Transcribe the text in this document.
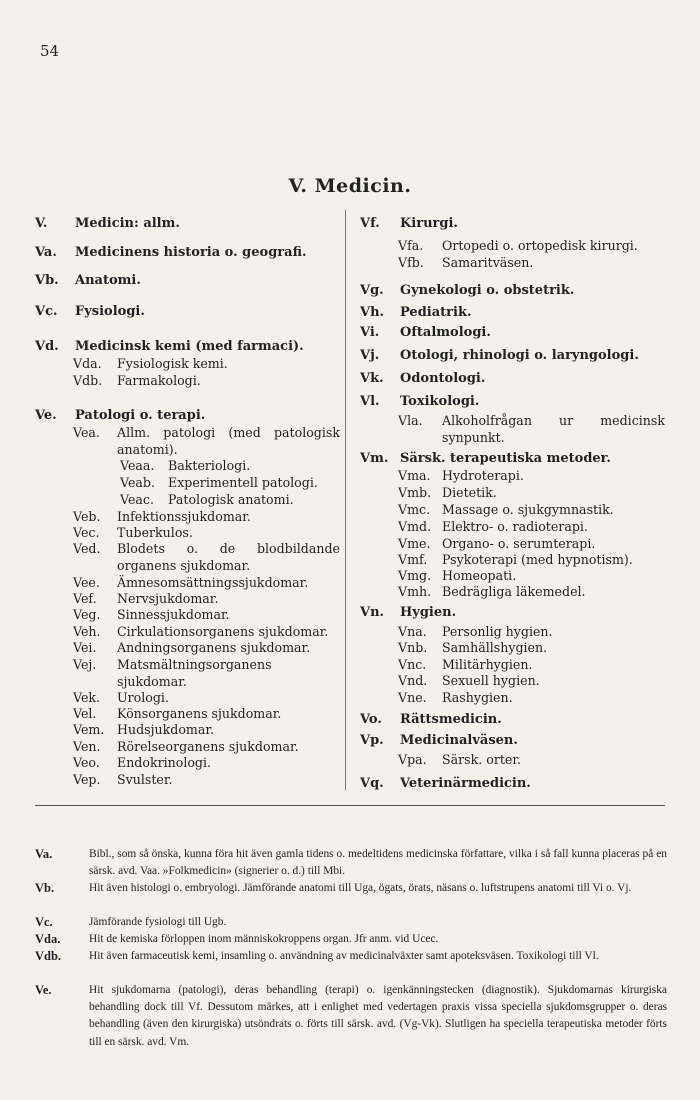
54
V. Medicin.
V. Medicin: allm.
Va. Medicinens historia o. geografi.
Vb. Anatomi.
Vc. Fysiologi.
Vd. Medicinsk kemi (med farmaci).
Vda. Fysiologisk kemi.
Vdb. Farmakologi.
Ve. Patologi o. terapi.
Vea. Allm. patologi (med patologisk anatomi).
Veaa. Bakteriologi.
Veab. Experimentell patologi.
Veac. Patologisk anatomi.
Veb. Infektionssjukdomar.
Vec. Tuberkulos.
Ved. Blodets o. de blodbildande organens sjukdomar.
Vee. Ämnesomsättningssjukdomar.
Vef. Nervsjukdomar.
Veg. Sinnessjukdomar.
Veh. Cirkulationsorganens sjukdomar.
Vei. Andningsorganens sjukdomar.
Vej. Matsmältningsorganens sjukdomar.
Vek. Urologi.
Vel. Könsorganens sjukdomar.
Vem. Hudsjukdomar.
Ven. Rörelseorganens sjukdomar.
Veo. Endokrinologi.
Vep. Svulster.
Vf. Kirurgi.
Vfa. Ortopedi o. ortopedisk kirurgi.
Vfb. Samaritväsen.
Vg. Gynekologi o. obstetrik.
Vh. Pediatrik.
Vi. Oftalmologi.
Vj. Otologi, rhinologi o. laryngologi.
Vk. Odontologi.
Vl. Toxikologi.
Vla. Alkoholfrågan ur medicinsk synpunkt.
Vm. Särsk. terapeutiska metoder.
Vma. Hydroterapi.
Vmb. Dietetik.
Vmc. Massage o. sjukgymnastik.
Vmd. Elektro- o. radioterapi.
Vme. Organo- o. serumterapi.
Vmf. Psykoterapi (med hypnotism).
Vmg. Homeopati.
Vmh. Bedrägliga läkemedel.
Vn. Hygien.
Vna. Personlig hygien.
Vnb. Samhällshygien.
Vnc. Militärhygien.
Vnd. Sexuell hygien.
Vne. Rashygien.
Vo. Rättsmedicin.
Vp. Medicinalväsen.
Vpa. Särsk. orter.
Vq. Veterinärmedicin.
Va.	Bibl., som så önska, kunna föra hit även gamla tidens o. medeltidens medicinska författare, vilka i så fall kunna placeras på en särsk. avd. Vaa. »Folkmedicin» (signerier o. d.) till Mbi.
Vb.	Hit även histologi o. embryologi. Jämförande anatomi till Uga, ögats, örats, näsans o. luftstrupens anatomi till Vi o. Vj.
Vc.	Jämförande fysiologi till Ugb.
Vda.	Hit de kemiska förloppen inom människokroppens organ. Jfr anm. vid Ucec.
Vdb. Hit även farmaceutisk kemi, insamling o. användning av medicinalväxter samt apoteksväsen. Toxikologi till Vl.
Ve.	Hit sjukdomarna (patologi), deras behandling (terapi) o. igenkänningstecken (diagnostik). Sjukdomarnas kirurgiska behandling dock till Vf. Dessutom märkes, att i enlighet med vedertagen praxis vissa speciella sjukdomsgrupper o. deras behandling (även den kirurgiska) utsöndrats o. förts till särsk. avd. (Vg-Vk). Slutligen ha speciella terapeutiska metoder förts till en särsk. avd. Vm.
